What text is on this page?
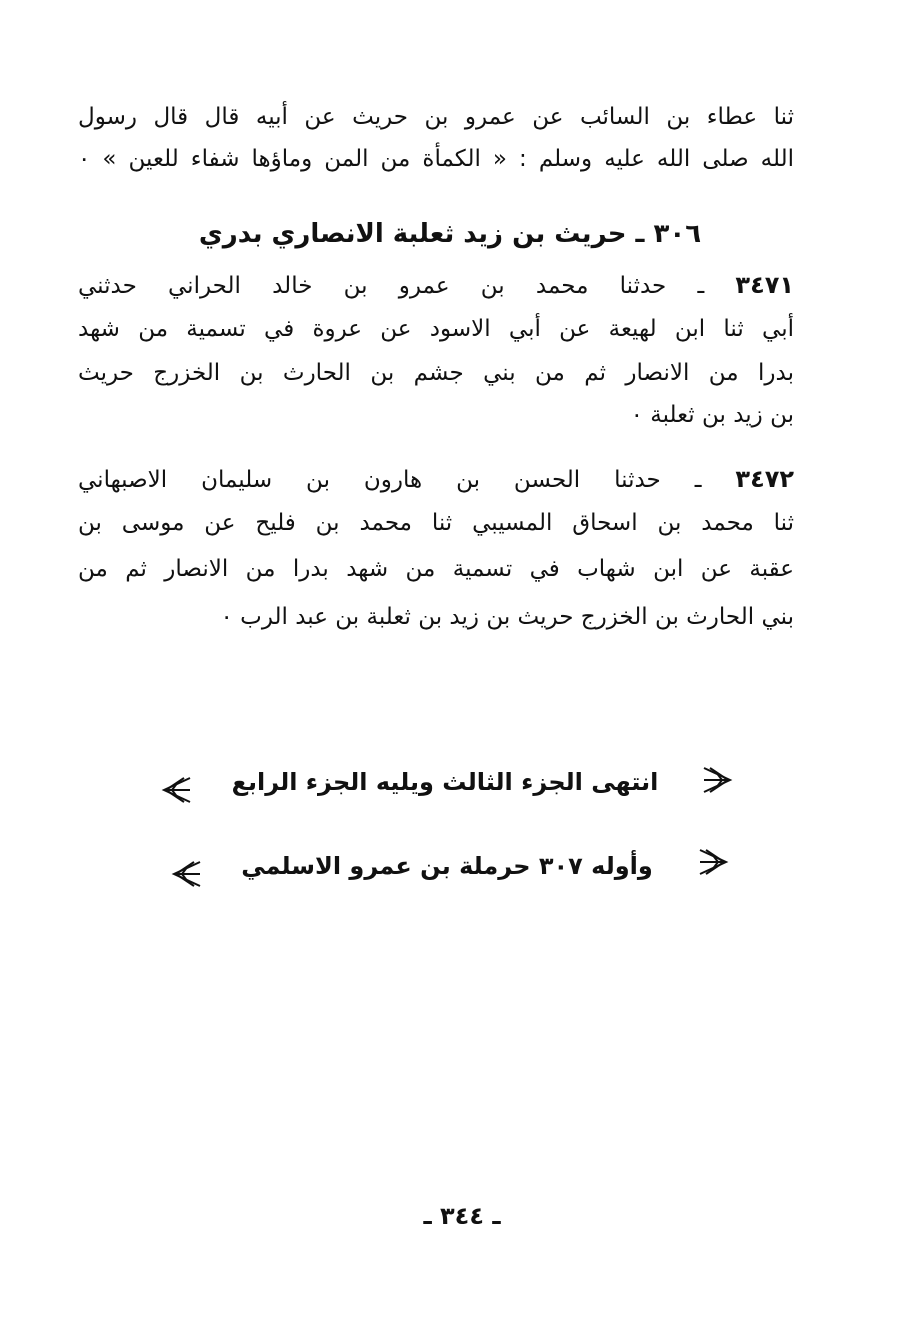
ثنا عطاء بن السائب عن عمرو بن حريث عن أبيه قال قال رسول
الله صلى الله عليه وسلم : « الكمأة من المن وماؤها شفاء للعين » ٠
٣٠٦ ـ حريث بن زيد ثعلبة الانصاري بدري
٣٤٧١ ـ حدثنا محمد بن عمرو بن خالد الحراني حدثني
أبي ثنا ابن لهيعة عن أبي الاسود عن عروة في تسمية من شهد
بدرا من الانصار ثم من بني جشم بن الحارث بن الخزرج حريث
بن زيد بن ثعلبة ٠
٣٤٧٢ ـ حدثنا الحسن بن هارون بن سليمان الاصبهاني
ثنا محمد بن اسحاق المسيبي ثنا محمد بن فليح عن موسى بن
عقبة عن ابن شهاب في تسمية من شهد بدرا من الانصار ثم من
بني الحارث بن الخزرج حريث بن زيد بن ثعلبة بن عبد الرب ٠
انتهى الجزء الثالث ويليه الجزء الرابع
وأوله ٣٠٧ حرملة بن عمرو الاسلمي
ـ ٣٤٤ ـ
